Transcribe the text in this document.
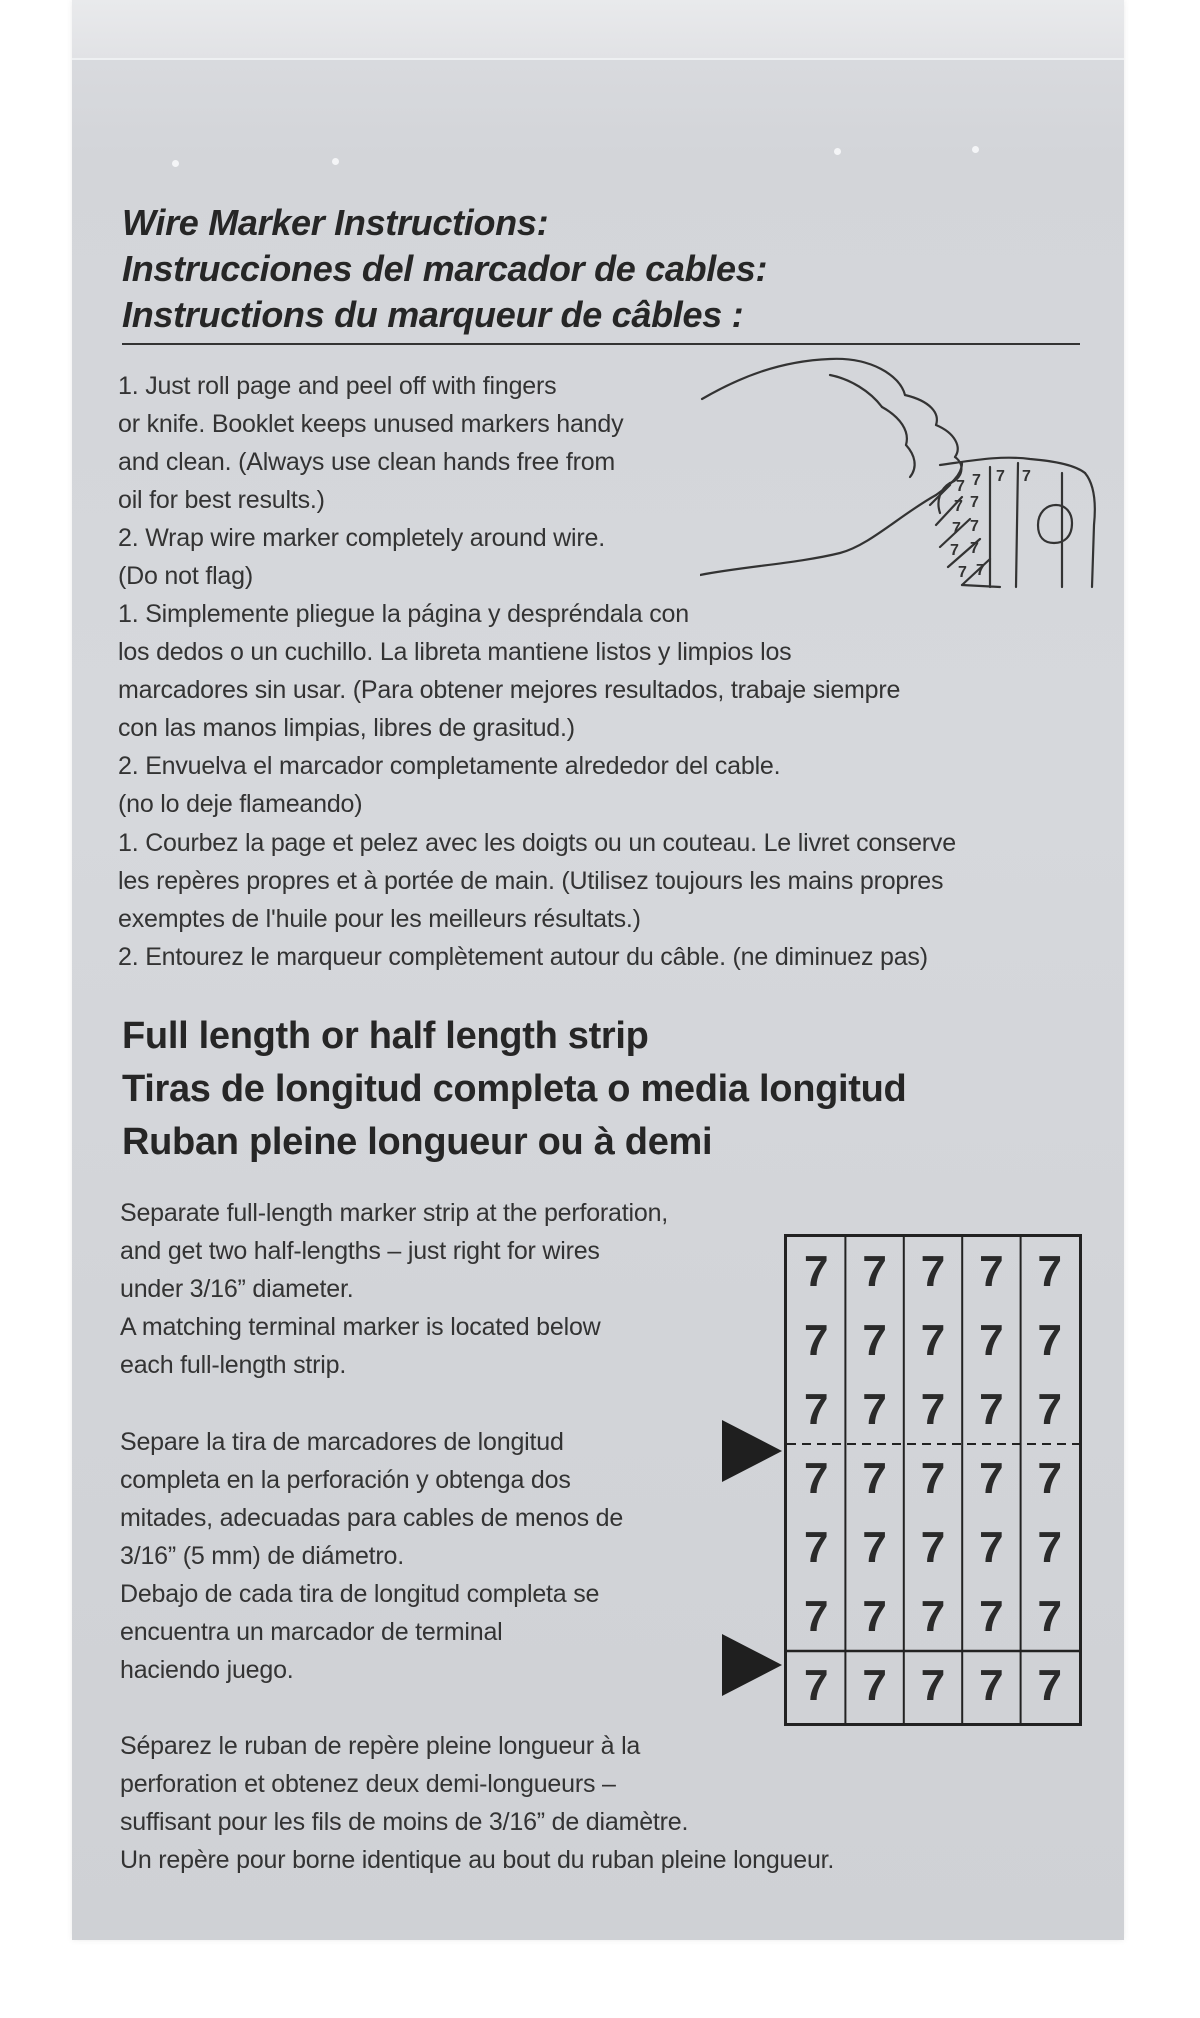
Wire Marker Instructions:
Instrucciones del marcador de cables:
Instructions du marqueur de câbles :
1. Just roll page and peel off with fingers
or knife. Booklet keeps unused markers handy
and clean. (Always use clean hands free from
oil for best results.)
2. Wrap wire marker completely around wire.
(Do not flag)
7 7 7 7
7 7
7 7
7 7
7 7
1. Simplemente pliegue la página y despréndala con
los dedos o un cuchillo. La libreta mantiene listos y limpios los
marcadores sin usar. (Para obtener mejores resultados, trabaje siempre
con las manos limpias, libres de grasitud.)
2. Envuelva el marcador completamente alrededor del cable.
(no lo deje flameando)
1. Courbez la page et pelez avec les doigts ou un couteau. Le livret conserve
les repères propres et à portée de main. (Utilisez toujours les mains propres
exemptes de l'huile pour les meilleurs résultats.)
2. Entourez le marqueur complètement autour du câble. (ne diminuez pas)
Full length or half length strip
Tiras de longitud completa o media longitud
Ruban pleine longueur ou à demi
Separate full-length marker strip at the perforation,
and get two half-lengths – just right for wires
under 3/16” diameter.
A matching terminal marker is located below
each full-length strip.
Separe la tira de marcadores de longitud
completa en la perforación y obtenga dos
mitades, adecuadas para cables de menos de
3/16” (5 mm) de diámetro.
Debajo de cada tira de longitud completa se
encuentra un marcador de terminal
haciendo juego.
Séparez le ruban de repère pleine longueur à la
perforation et obtenez deux demi-longueurs –
suffisant pour les fils de moins de 3/16” de diamètre.
Un repère pour borne identique au bout du ruban pleine longueur.
7 7 7 7 7
7 7 7 7 7
7 7 7 7 7
7 7 7 7 7
7 7 7 7 7
7 7 7 7 7
7 7 7 7 7
